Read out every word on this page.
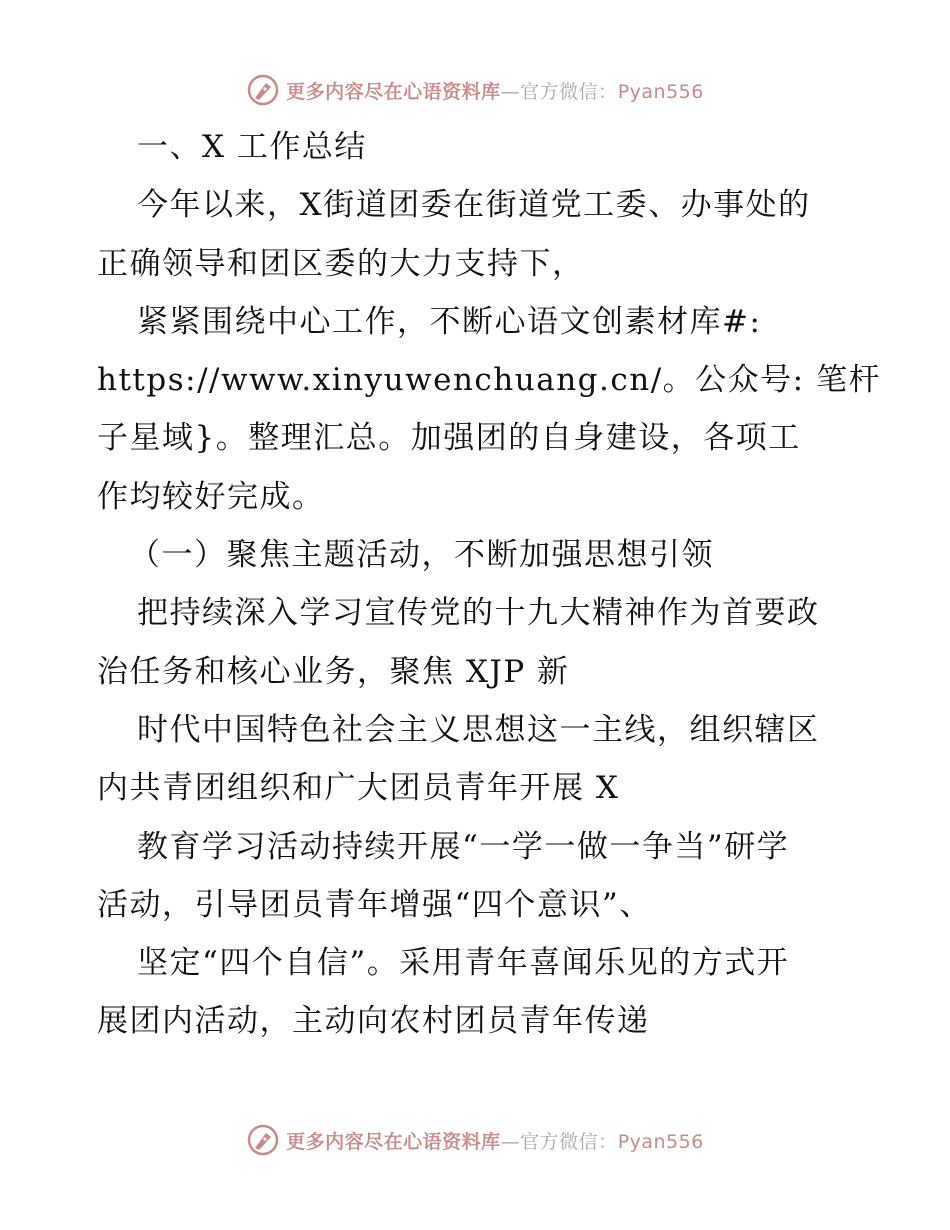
更多内容尽在心语资料库—官方微信：Pyan556
一、X 工作总结
今年以来，X街道团委在街道党工委、办事处的
正确领导和团区委的大力支持下，
紧紧围绕中心工作，不断心语文创素材库#:
https://www.xinyuwenchuang.cn/。公众号: 笔杆
子星域}。整理汇总。加强团的自身建设，各项工
作均较好完成。
（一）聚焦主题活动，不断加强思想引领
把持续深入学习宣传党的十九大精神作为首要政
治任务和核心业务，聚焦 XJP 新
时代中国特色社会主义思想这一主线，组织辖区
内共青团组织和广大团员青年开展 X
教育学习活动持续开展“一学一做一争当”研学
活动，引导团员青年增强“四个意识”、
坚定“四个自信”。采用青年喜闻乐见的方式开
展团内活动，主动向农村团员青年传递
更多内容尽在心语资料库—官方微信：Pyan556
